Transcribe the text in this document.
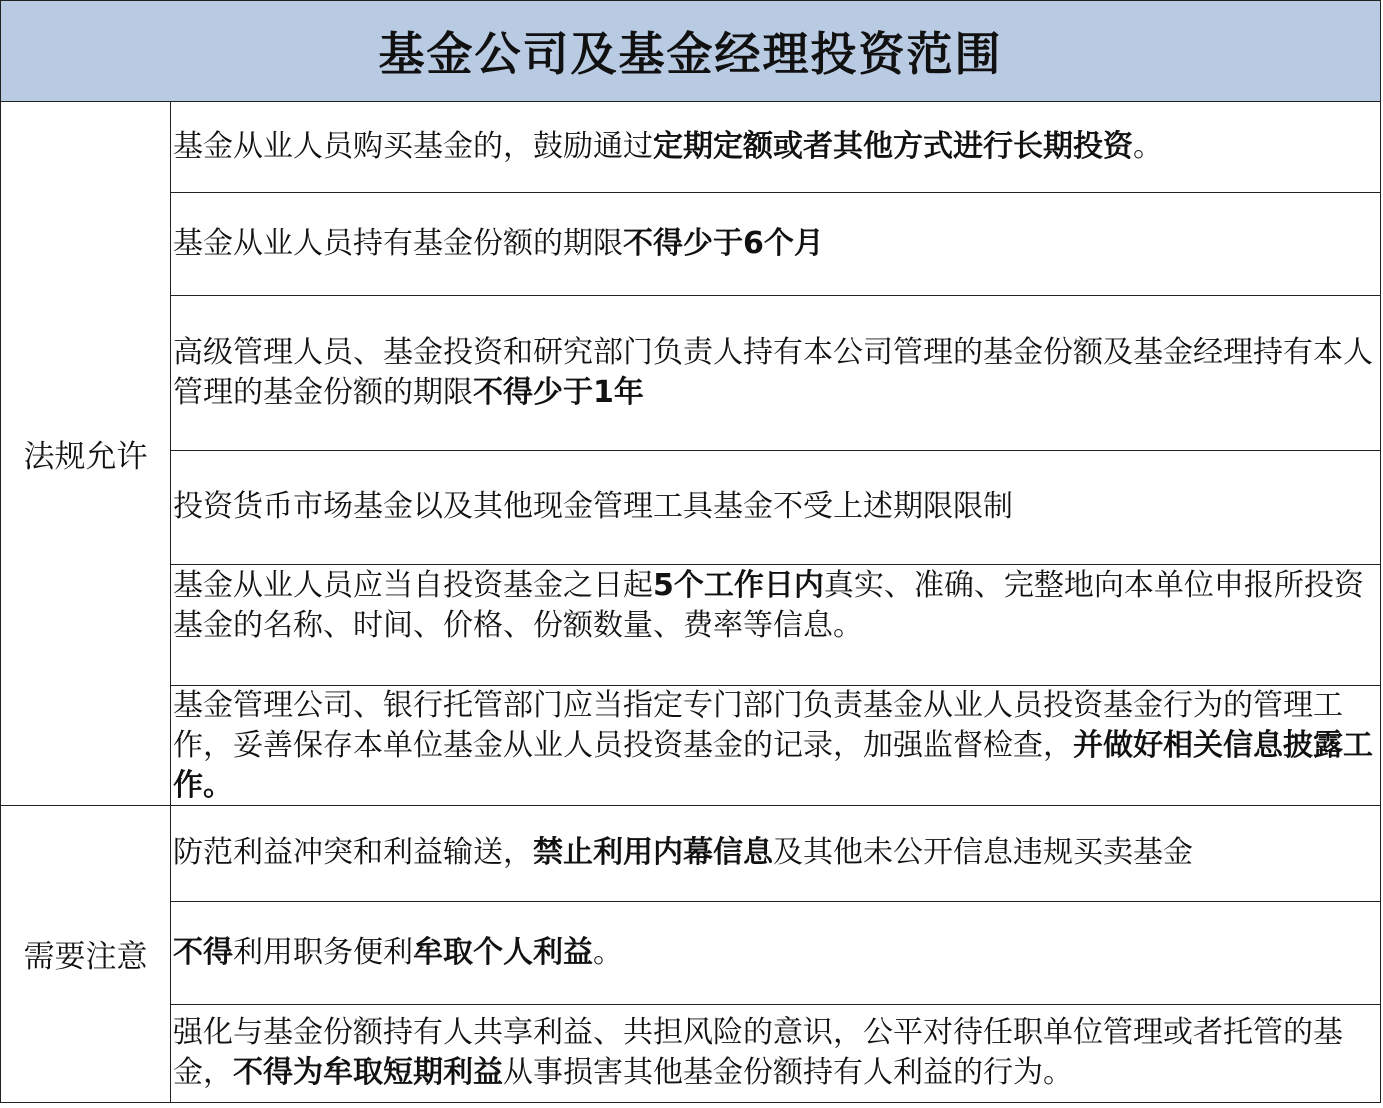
基金公司及基金经理投资范围
法规允许
需要注意
基金从业人员购买基金的，鼓励通过定期定额或者其他方式进行长期投资。
基金从业人员持有基金份额的期限不得少于6个月
高级管理人员、基金投资和研究部门负责人持有本公司管理的基金份额及基金经理持有本人管理的基金份额的期限不得少于1年
投资货币市场基金以及其他现金管理工具基金不受上述期限限制
基金从业人员应当自投资基金之日起5个工作日内真实、准确、完整地向本单位申报所投资基金的名称、时间、价格、份额数量、费率等信息。
基金管理公司、银行托管部门应当指定专门部门负责基金从业人员投资基金行为的管理工作，妥善保存本单位基金从业人员投资基金的记录，加强监督检查，并做好相关信息披露工作。
防范利益冲突和利益输送，禁止利用内幕信息及其他未公开信息违规买卖基金
不得利用职务便利牟取个人利益。
强化与基金份额持有人共享利益、共担风险的意识，公平对待任职单位管理或者托管的基金，不得为牟取短期利益从事损害其他基金份额持有人利益的行为。
